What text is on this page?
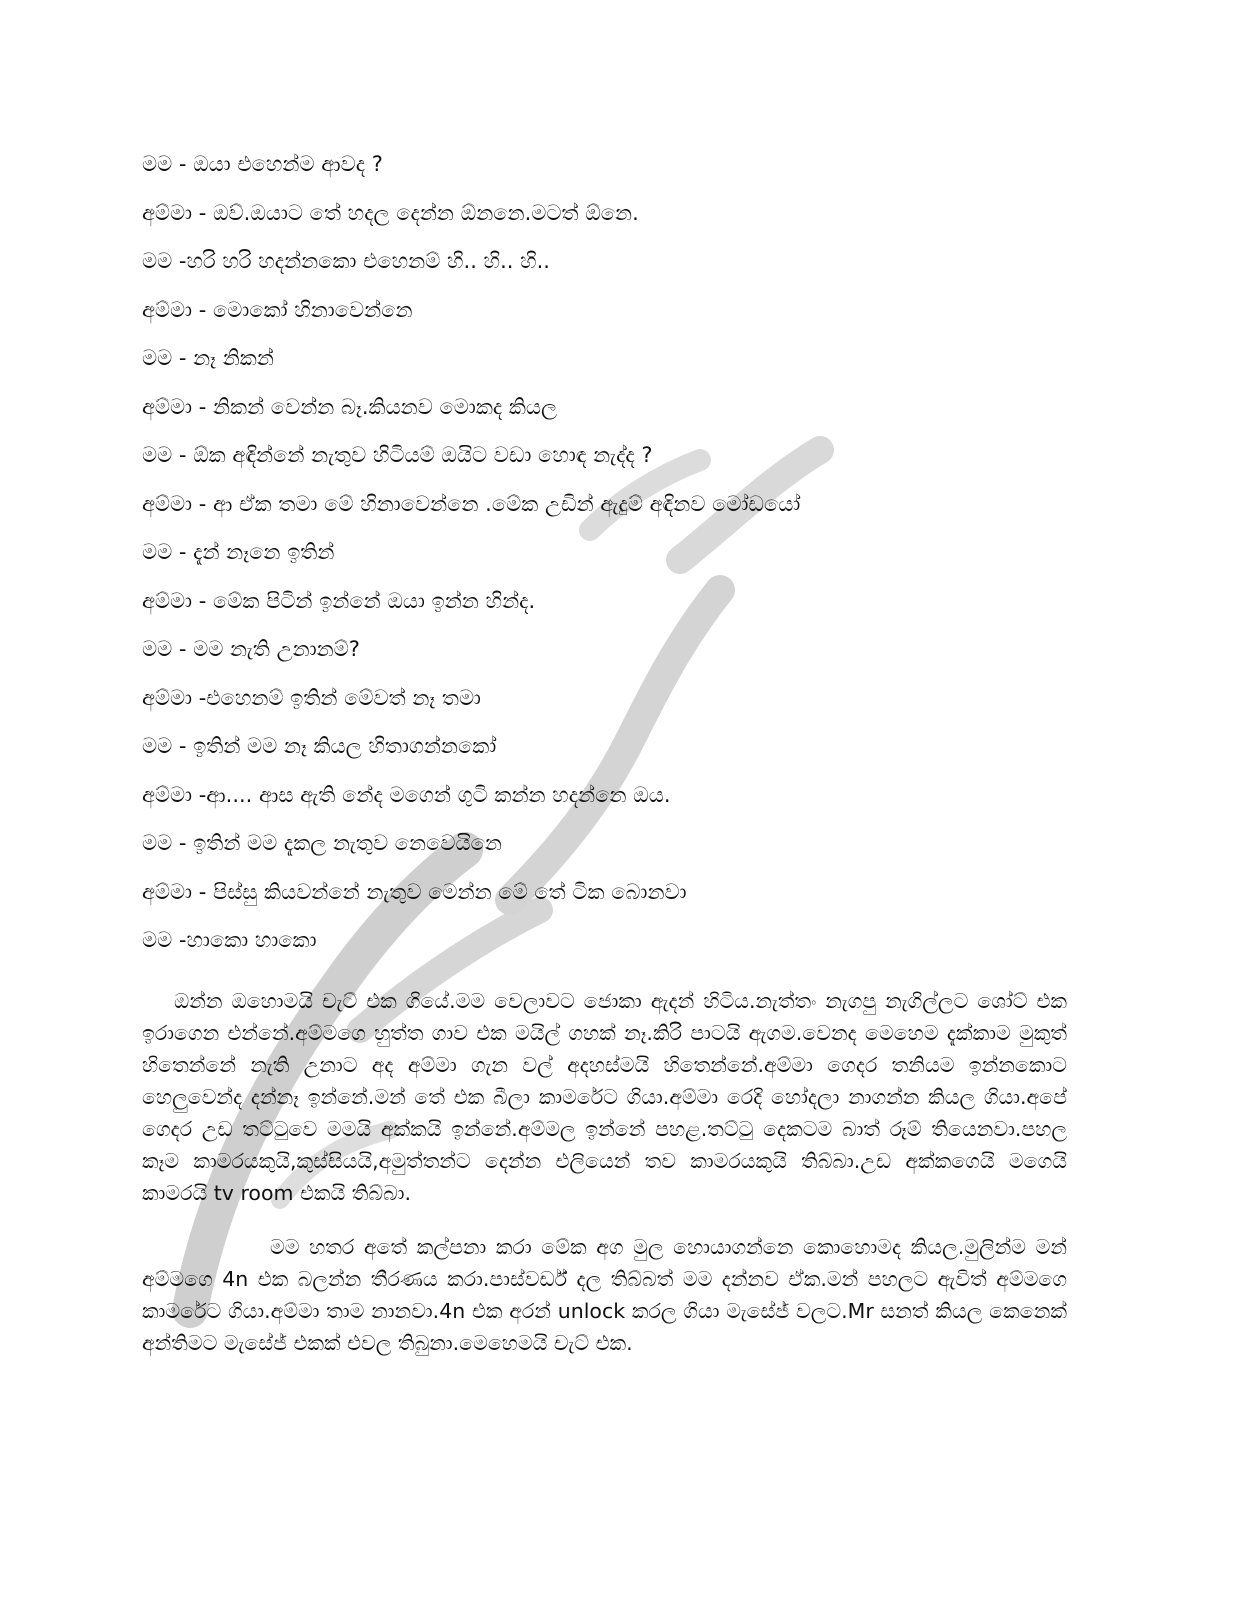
මම - ඔයා එහෙන්ම ආවද ?
අම්මා - ඔව්.ඔයාට තේ හදල දෙන්න ඕනනෙ.මටත් ඕනෙ.
මම -හරි හරි හදන්නකො එහෙනම් හි.. හි.. හි..
අම්මා - මොකෝ හිනාවෙන්නෙ
මම - නෑ නිකන්
අම්මා - නිකන් වෙන්න බෑ.කියනව මොකද කියල
මම - ඕක අඳින්නේ නැතුව හිටියම් ඔයිට වඩා හොඳ නැද්ද ?
අම්මා - ආ ඒක තමා මේ හිනාවෙන්නෙ .මේක උඩින් ඇදුම් අඳිනව මෝඩයෝ
මම - දැන් නෑනෙ ඉතින්
අම්මා - මේක පිටින් ඉන්නේ ඔයා ඉන්න හින්ද.
මම - මම නැති උනානම්?
අම්මා -එහෙනම් ඉතින් මේවත් නෑ තමා
මම - ඉතින් මම නෑ කියල හිතාගන්නකෝ
අම්මා -ආ.... ආස ඇති නේද මගෙන් ගුටි කන්න හදන්නෙ ඔය.
මම - ඉතින් මම දැකල නැතුව නෙවෙයිනෙ
අම්මා - පිස්සු කියවන්නේ නැතුව මෙන්න මේ තේ ටික බොනවා
මම -හාකො හාකො

ඔන්න ඔහොමයි චැට් එක ගියේ.මම වෙලාවට ජොකා ඇදන් හිටිය.නැත්තං නැගපු නැගිල්ලට ශෝට් එක ඉරාගෙන එන්නේ.අම්මගෙ හුත්ත ගාව එක මයිල් ගහක් නෑ.කිරි පාටයි ඇගම.වෙනද මෙහෙම දැක්කාම මුකුත් හිතෙන්නේ නැති උනාට අද අම්මා ගැන වල් අදහස්මයි හිතෙන්නේ.අම්මා ගෙදර තනියම ඉන්නකොට හෙලුවෙන්ද දන්නෑ ඉන්නේ.මන් තේ එක බීලා කාමරේට ගියා.අම්මා රෙදි හෝදලා නාගන්න කියල ගියා.අපේ ගෙදර උඩ තට්ටුවෙ මමයි අක්කයි ඉන්නේ.අම්මල ඉන්නේ පහළ.තට්ටු දෙකටම බාත් රූම් තියෙනවා.පහල කෑම කාමරයකුයි,කුස්සියයි,අමුත්තන්ට දෙන්න එලියෙන් තව කාමරයකුයි තිබ්බා.උඩ අක්කගෙයි මගෙයි කාමරයි tv room එකයි තිබ්බා.

මම හතර අතේ කල්පනා කරා මේක අග මුල හොයාගන්නෙ කොහොමද කියල.මුලින්ම මන් අම්මගෙ 4n එක බලන්න තීරණය කරා.පාස්වර්ඩ් දල තිබ්බත් මම දන්නව ඒක.මන් පහලට ඇවිත් අම්මගෙ කාමරේට ගියා.අම්මා තාම නානවා.4n එක අරන් unlock කරල ගියා මැසේජ් වලට.Mr සනත් කියල කෙනෙක් අන්තිමට මැසේජ් එකක් එවල තිබුනා.මෙහෙමයි චැට් එක.
